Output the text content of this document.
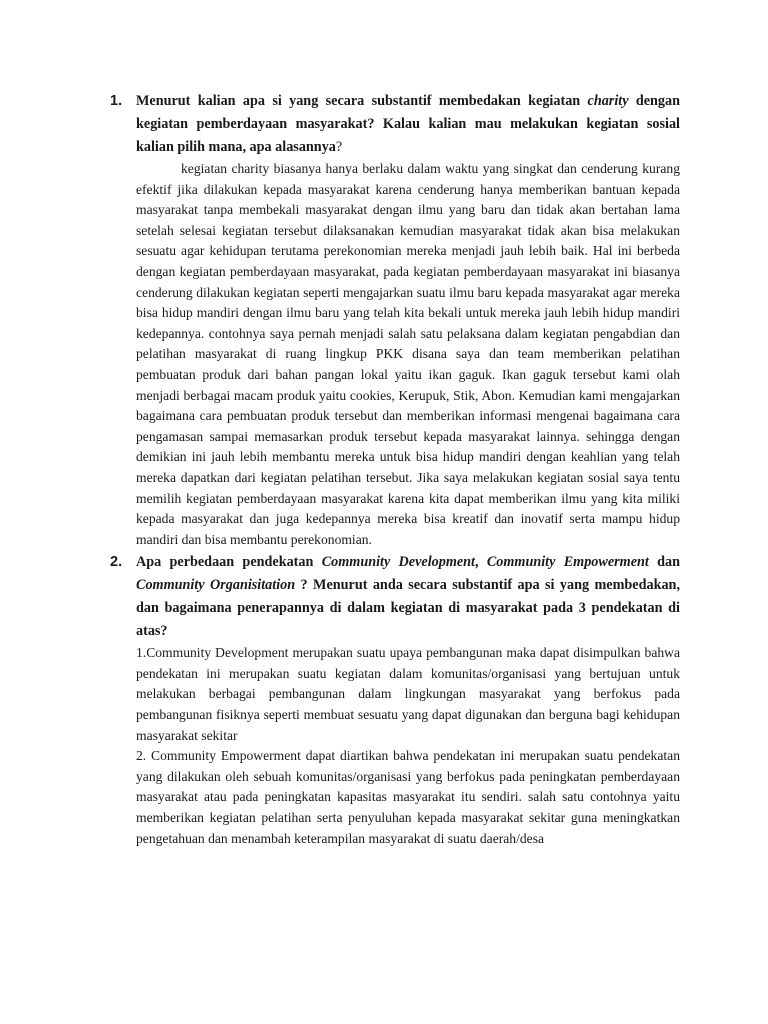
1. Menurut kalian apa si yang secara substantif membedakan kegiatan charity dengan kegiatan pemberdayaan masyarakat? Kalau kalian mau melakukan kegiatan sosial kalian pilih mana, apa alasannya?

kegiatan charity biasanya hanya berlaku dalam waktu yang singkat dan cenderung kurang efektif jika dilakukan kepada masyarakat karena cenderung hanya memberikan bantuan kepada masyarakat tanpa membekali masyarakat dengan ilmu yang baru dan tidak akan bertahan lama setelah selesai kegiatan tersebut dilaksanakan kemudian masyarakat tidak akan bisa melakukan sesuatu agar kehidupan terutama perekonomian mereka menjadi jauh lebih baik. Hal ini berbeda dengan kegiatan pemberdayaan masyarakat, pada kegiatan pemberdayaan masyarakat ini biasanya cenderung dilakukan kegiatan seperti mengajarkan suatu ilmu baru kepada masyarakat agar mereka bisa hidup mandiri dengan ilmu baru yang telah kita bekali untuk mereka jauh lebih hidup mandiri kedepannya. contohnya saya pernah menjadi salah satu pelaksana dalam kegiatan pengabdian dan pelatihan masyarakat di ruang lingkup PKK disana saya dan team memberikan pelatihan pembuatan produk dari bahan pangan lokal yaitu ikan gaguk. Ikan gaguk tersebut kami olah menjadi berbagai macam produk yaitu cookies, Kerupuk, Stik, Abon. Kemudian kami mengajarkan bagaimana cara pembuatan produk tersebut dan memberikan informasi mengenai bagaimana cara pengamasan sampai memasarkan produk tersebut kepada masyarakat lainnya. sehingga dengan demikian ini jauh lebih membantu mereka untuk bisa hidup mandiri dengan keahlian yang telah mereka dapatkan dari kegiatan pelatihan tersebut. Jika saya melakukan kegiatan sosial saya tentu memilih kegiatan pemberdayaan masyarakat karena kita dapat memberikan ilmu yang kita miliki kepada masyarakat dan juga kedepannya mereka bisa kreatif dan inovatif serta mampu hidup mandiri dan bisa membantu perekonomian.

2. Apa perbedaan pendekatan Community Development, Community Empowerment dan Community Organisitation ? Menurut anda secara substantif apa si yang membedakan, dan bagaimana penerapannya di dalam kegiatan di masyarakat pada 3 pendekatan di atas?

1.Community Development merupakan suatu upaya pembangunan maka dapat disimpulkan bahwa pendekatan ini merupakan suatu kegiatan dalam komunitas/organisasi yang bertujuan untuk melakukan berbagai pembangunan dalam lingkungan masyarakat yang berfokus pada pembangunan fisiknya seperti membuat sesuatu yang dapat digunakan dan berguna bagi kehidupan masyarakat sekitar

2. Community Empowerment dapat diartikan bahwa pendekatan ini merupakan suatu pendekatan yang dilakukan oleh sebuah komunitas/organisasi yang berfokus pada peningkatan pemberdayaan masyarakat atau pada peningkatan kapasitas masyarakat itu sendiri. salah satu contohnya yaitu memberikan kegiatan pelatihan serta penyuluhan kepada masyarakat sekitar guna meningkatkan pengetahuan dan menambah keterampilan masyarakat di suatu daerah/desa
